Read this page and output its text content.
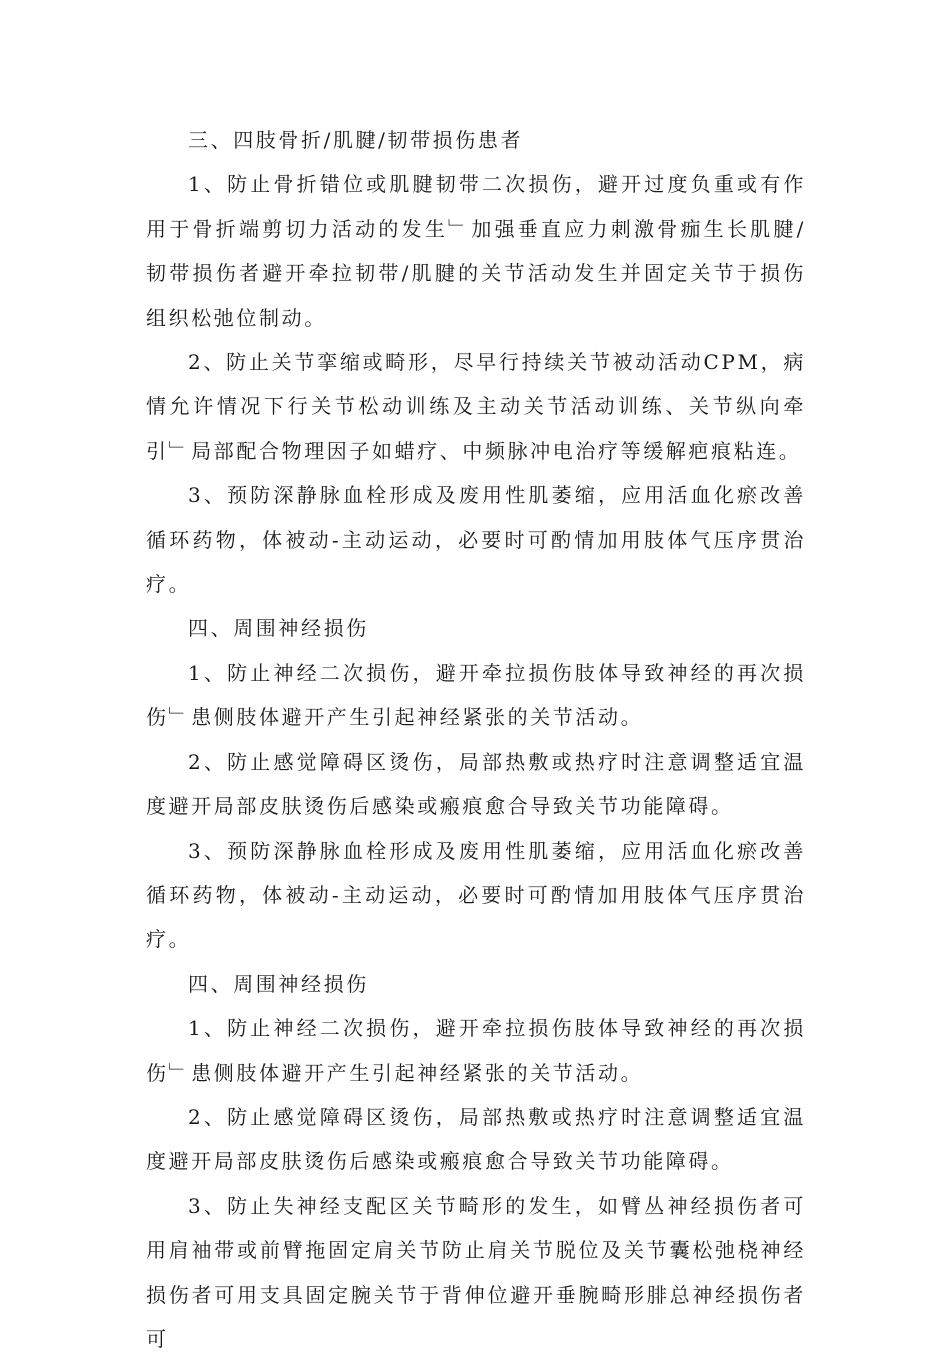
三、四肢骨折/肌腱/韧带损伤患者

1、防止骨折错位或肌腱韧带二次损伤，避开过度负重或有作用于骨折端剪切力活动的发生﹂加强垂直应力刺激骨痂生长肌腱/韧带损伤者避开牵拉韧带/肌腱的关节活动发生并固定关节于损伤组织松弛位制动。

2、防止关节挛缩或畸形，尽早行持续关节被动活动CPM，病情允许情况下行关节松动训练及主动关节活动训练、关节纵向牵引﹂局部配合物理因子如蜡疗、中频脉冲电治疗等缓解疤痕粘连。

3、预防深静脉血栓形成及废用性肌萎缩，应用活血化瘀改善循环药物，体被动-主动运动，必要时可酌情加用肢体气压序贯治疗。

四、周围神经损伤

1、防止神经二次损伤，避开牵拉损伤肢体导致神经的再次损伤﹂患侧肢体避开产生引起神经紧张的关节活动。

2、防止感觉障碍区烫伤，局部热敷或热疗时注意调整适宜温度避开局部皮肤烫伤后感染或瘢痕愈合导致关节功能障碍。

3、预防深静脉血栓形成及废用性肌萎缩，应用活血化瘀改善循环药物，体被动-主动运动，必要时可酌情加用肢体气压序贯治疗。

四、周围神经损伤

1、防止神经二次损伤，避开牵拉损伤肢体导致神经的再次损伤﹂患侧肢体避开产生引起神经紧张的关节活动。

2、防止感觉障碍区烫伤，局部热敷或热疗时注意调整适宜温度避开局部皮肤烫伤后感染或瘢痕愈合导致关节功能障碍。

3、防止失神经支配区关节畸形的发生，如臂丛神经损伤者可用肩袖带或前臂拖固定肩关节防止肩关节脱位及关节囊松弛桡神经损伤者可用支具固定腕关节于背伸位避开垂腕畸形腓总神经损伤者可
